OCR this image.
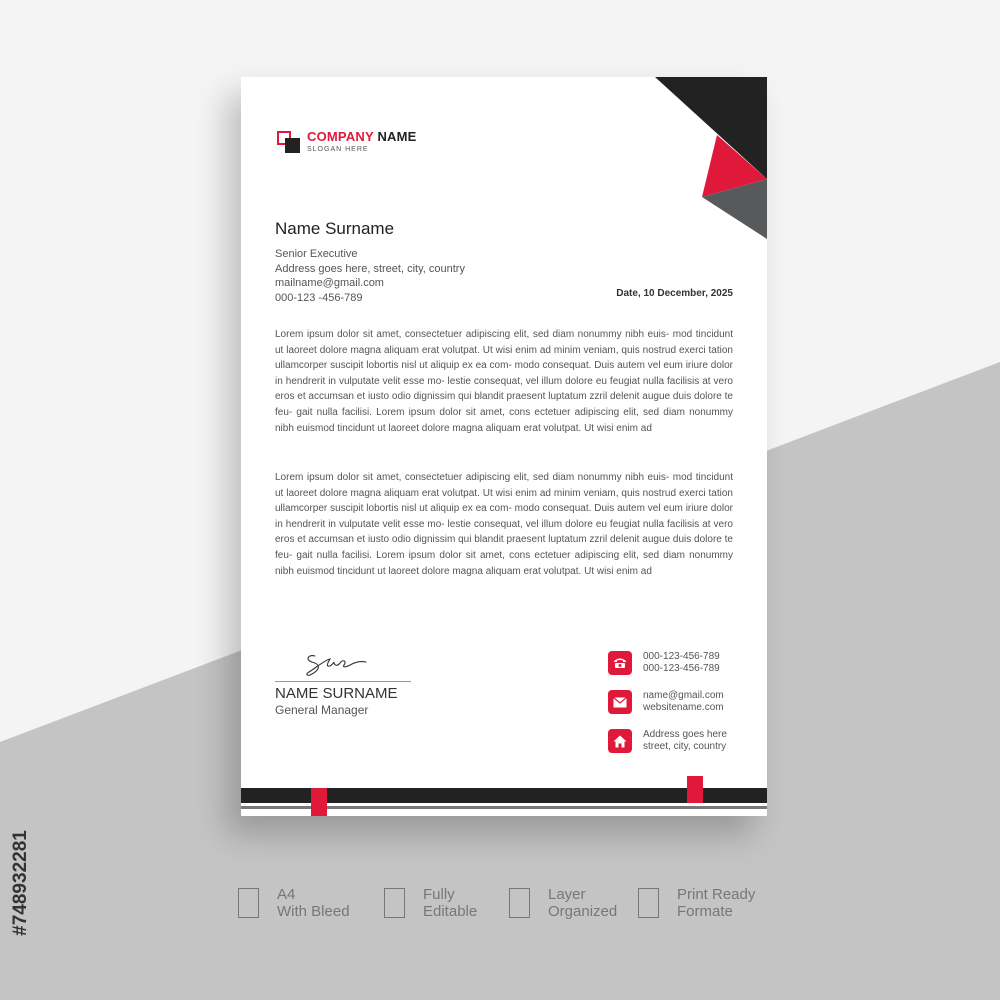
COMPANY NAME
SLOGAN HERE
Name Surname
Senior Executive
Address goes here, street, city, country
mailname@gmail.com
000-123 -456-789	Date, 10 December, 2025
Lorem ipsum dolor sit amet, consectetuer adipiscing elit, sed diam nonummy nibh euis- mod tincidunt ut laoreet dolore magna aliquam erat volutpat. Ut wisi enim ad minim veniam, quis nostrud exerci tation ullamcorper suscipit lobortis nisl ut aliquip ex ea com- modo consequat. Duis autem vel eum iriure dolor in hendrerit in vulputate velit esse mo- lestie consequat, vel illum dolore eu feugiat nulla facilisis at vero eros et accumsan et iusto odio dignissim qui blandit praesent luptatum zzril delenit augue duis dolore te feu- gait nulla facilisi. Lorem ipsum dolor sit amet, cons ectetuer adipiscing elit, sed diam nonummy nibh euismod tincidunt ut laoreet dolore magna aliquam erat volutpat. Ut wisi enim ad
Lorem ipsum dolor sit amet, consectetuer adipiscing elit, sed diam nonummy nibh euis- mod tincidunt ut laoreet dolore magna aliquam erat volutpat. Ut wisi enim ad minim veniam, quis nostrud exerci tation ullamcorper suscipit lobortis nisl ut aliquip ex ea com- modo consequat. Duis autem vel eum iriure dolor in hendrerit in vulputate velit esse mo- lestie consequat, vel illum dolore eu feugiat nulla facilisis at vero eros et accumsan et iusto odio dignissim qui blandit praesent luptatum zzril delenit augue duis dolore te feu- gait nulla facilisi. Lorem ipsum dolor sit amet, cons ectetuer adipiscing elit, sed diam nonummy nibh euismod tincidunt ut laoreet dolore magna aliquam erat volutpat. Ut wisi enim ad
NAME SURNAME
General Manager
000-123-456-789
000-123-456-789
name@gmail.com
websitename.com
Address goes here
street, city, country
A4
With Bleed
Fully
Editable
Layer
Organized
Print Ready
Formate
#748932281
